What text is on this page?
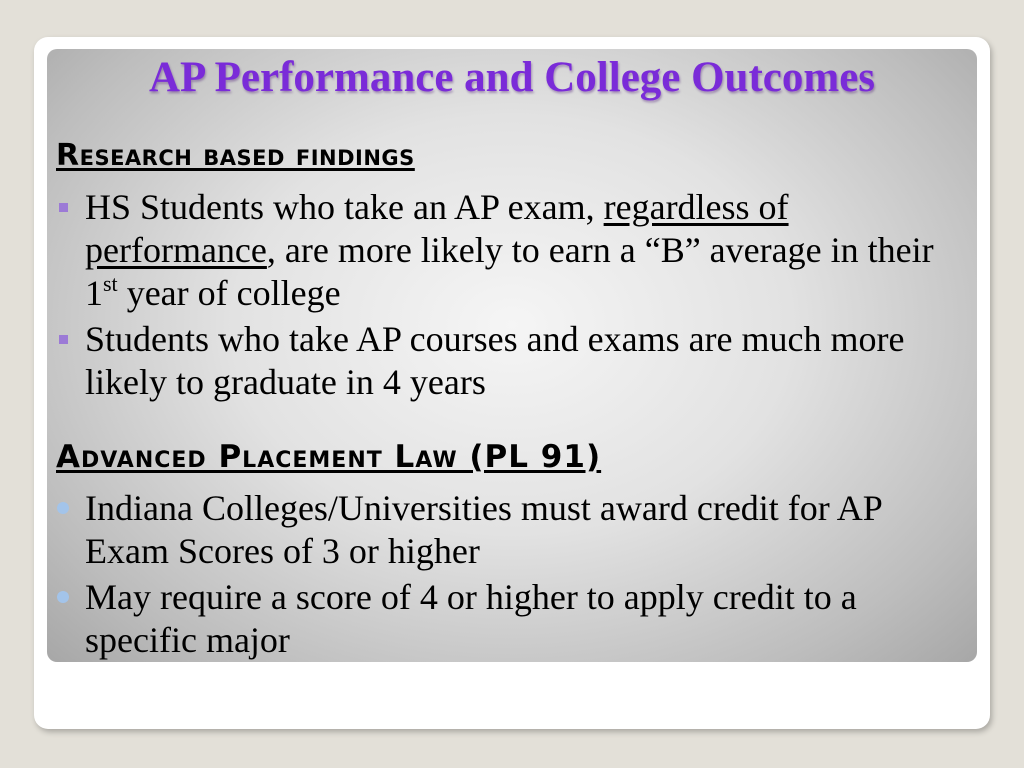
AP Performance and College Outcomes
Research based findings
HS Students who take an AP exam, regardless of performance, are more likely to earn a “B” average in their 1st year of college
Students who take AP courses and exams are much more likely to graduate in 4 years
Advanced Placement Law (PL 91)
Indiana Colleges/Universities must award credit for AP Exam Scores of 3 or higher
May require a score of 4 or higher to apply credit to a specific major
